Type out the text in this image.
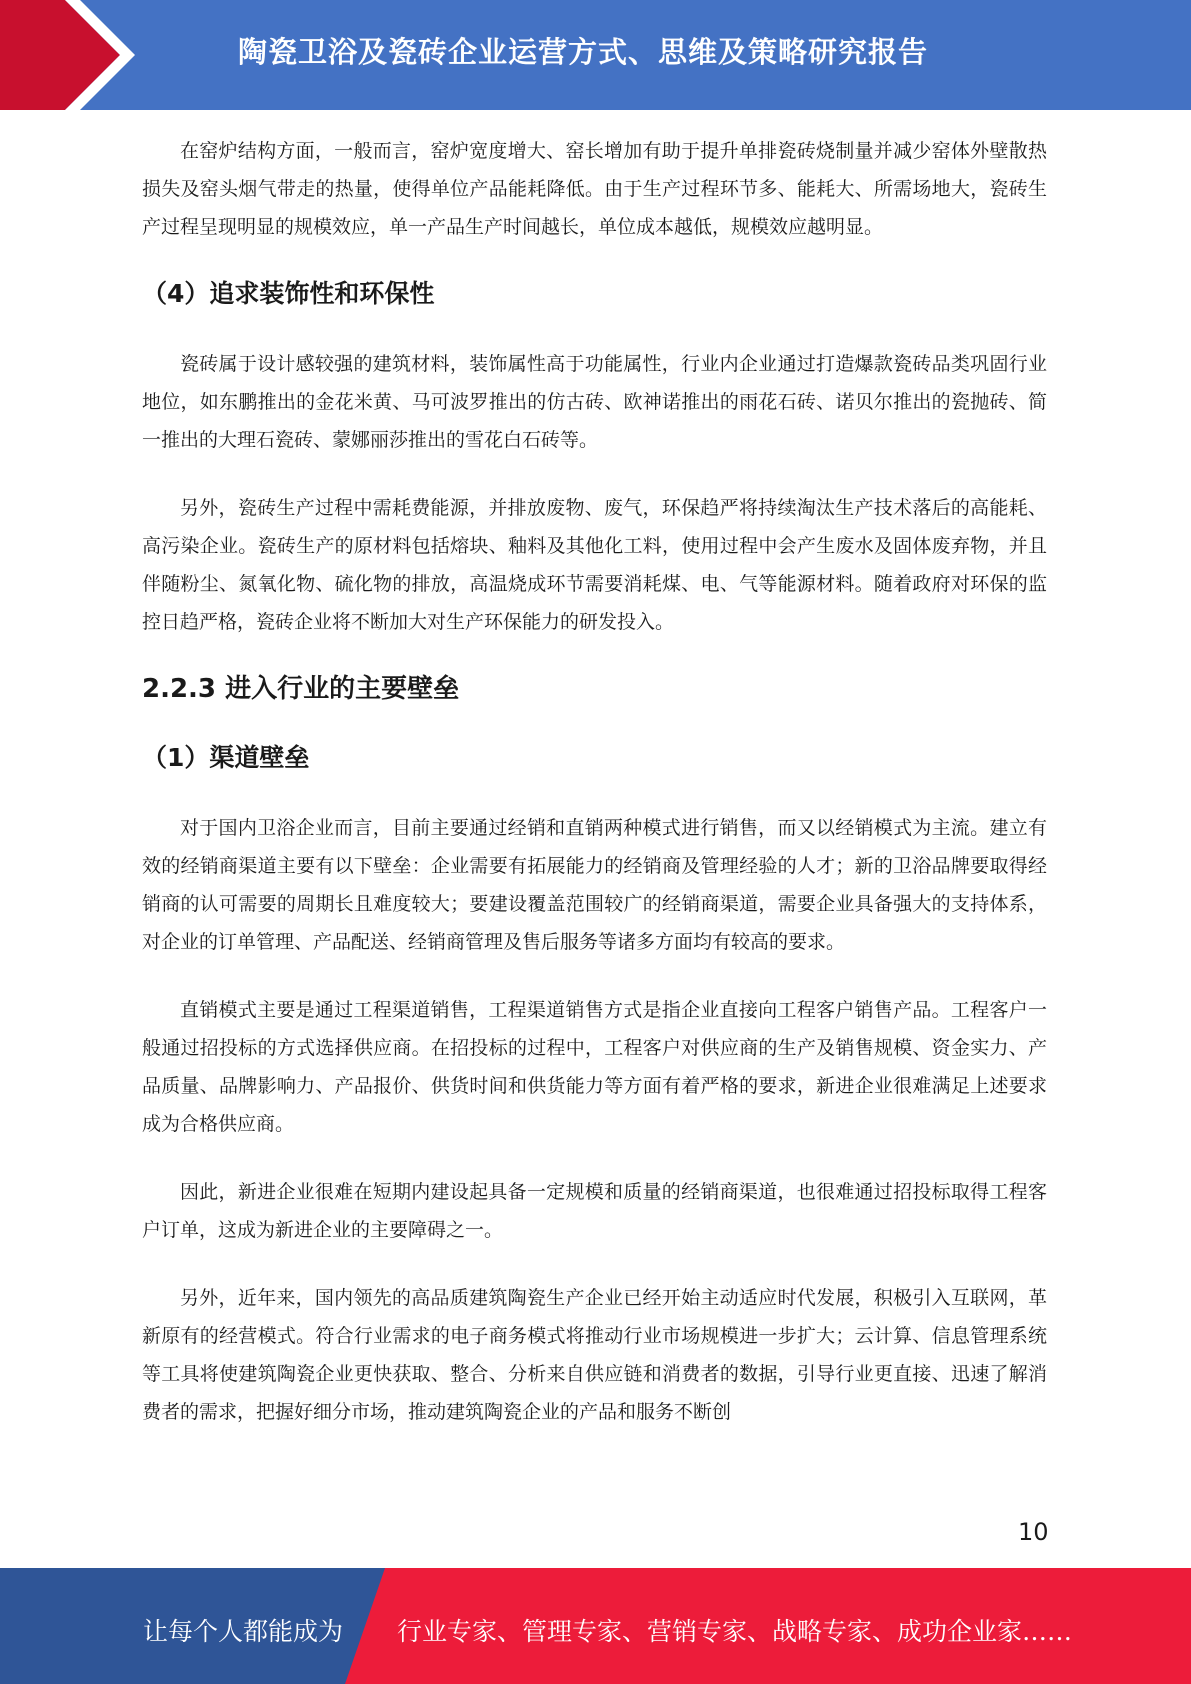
陶瓷卫浴及瓷砖企业运营方式、思维及策略研究报告

在窑炉结构方面，一般而言，窑炉宽度增大、窑长增加有助于提升单排瓷砖烧制量并减少窑体外壁散热损失及窑头烟气带走的热量，使得单位产品能耗降低。由于生产过程环节多、能耗大、所需场地大，瓷砖生产过程呈现明显的规模效应，单一产品生产时间越长，单位成本越低，规模效应越明显。

（4）追求装饰性和环保性

瓷砖属于设计感较强的建筑材料，装饰属性高于功能属性，行业内企业通过打造爆款瓷砖品类巩固行业地位，如东鹏推出的金花米黄、马可波罗推出的仿古砖、欧神诺推出的雨花石砖、诺贝尔推出的瓷抛砖、简一推出的大理石瓷砖、蒙娜丽莎推出的雪花白石砖等。

另外，瓷砖生产过程中需耗费能源，并排放废物、废气，环保趋严将持续淘汰生产技术落后的高能耗、高污染企业。瓷砖生产的原材料包括熔块、釉料及其他化工料，使用过程中会产生废水及固体废弃物，并且伴随粉尘、氮氧化物、硫化物的排放，高温烧成环节需要消耗煤、电、气等能源材料。随着政府对环保的监控日趋严格，瓷砖企业将不断加大对生产环保能力的研发投入。

2.2.3 进入行业的主要壁垒
（1）渠道壁垒

对于国内卫浴企业而言，目前主要通过经销和直销两种模式进行销售，而又以经销模式为主流。建立有效的经销商渠道主要有以下壁垒：企业需要有拓展能力的经销商及管理经验的人才；新的卫浴品牌要取得经销商的认可需要的周期长且难度较大；要建设覆盖范围较广的经销商渠道，需要企业具备强大的支持体系，对企业的订单管理、产品配送、经销商管理及售后服务等诸多方面均有较高的要求。

直销模式主要是通过工程渠道销售，工程渠道销售方式是指企业直接向工程客户销售产品。工程客户一般通过招投标的方式选择供应商。在招投标的过程中，工程客户对供应商的生产及销售规模、资金实力、产品质量、品牌影响力、产品报价、供货时间和供货能力等方面有着严格的要求，新进企业很难满足上述要求成为合格供应商。

因此，新进企业很难在短期内建设起具备一定规模和质量的经销商渠道，也很难通过招投标取得工程客户订单，这成为新进企业的主要障碍之一。

另外，近年来，国内领先的高品质建筑陶瓷生产企业已经开始主动适应时代发展，积极引入互联网，革新原有的经营模式。符合行业需求的电子商务模式将推动行业市场规模进一步扩大；云计算、信息管理系统等工具将使建筑陶瓷企业更快获取、整合、分析来自供应链和消费者的数据，引导行业更直接、迅速了解消费者的需求，把握好细分市场，推动建筑陶瓷企业的产品和服务不断创

10
让每个人都能成为 行业专家、管理专家、营销专家、战略专家、成功企业家……
